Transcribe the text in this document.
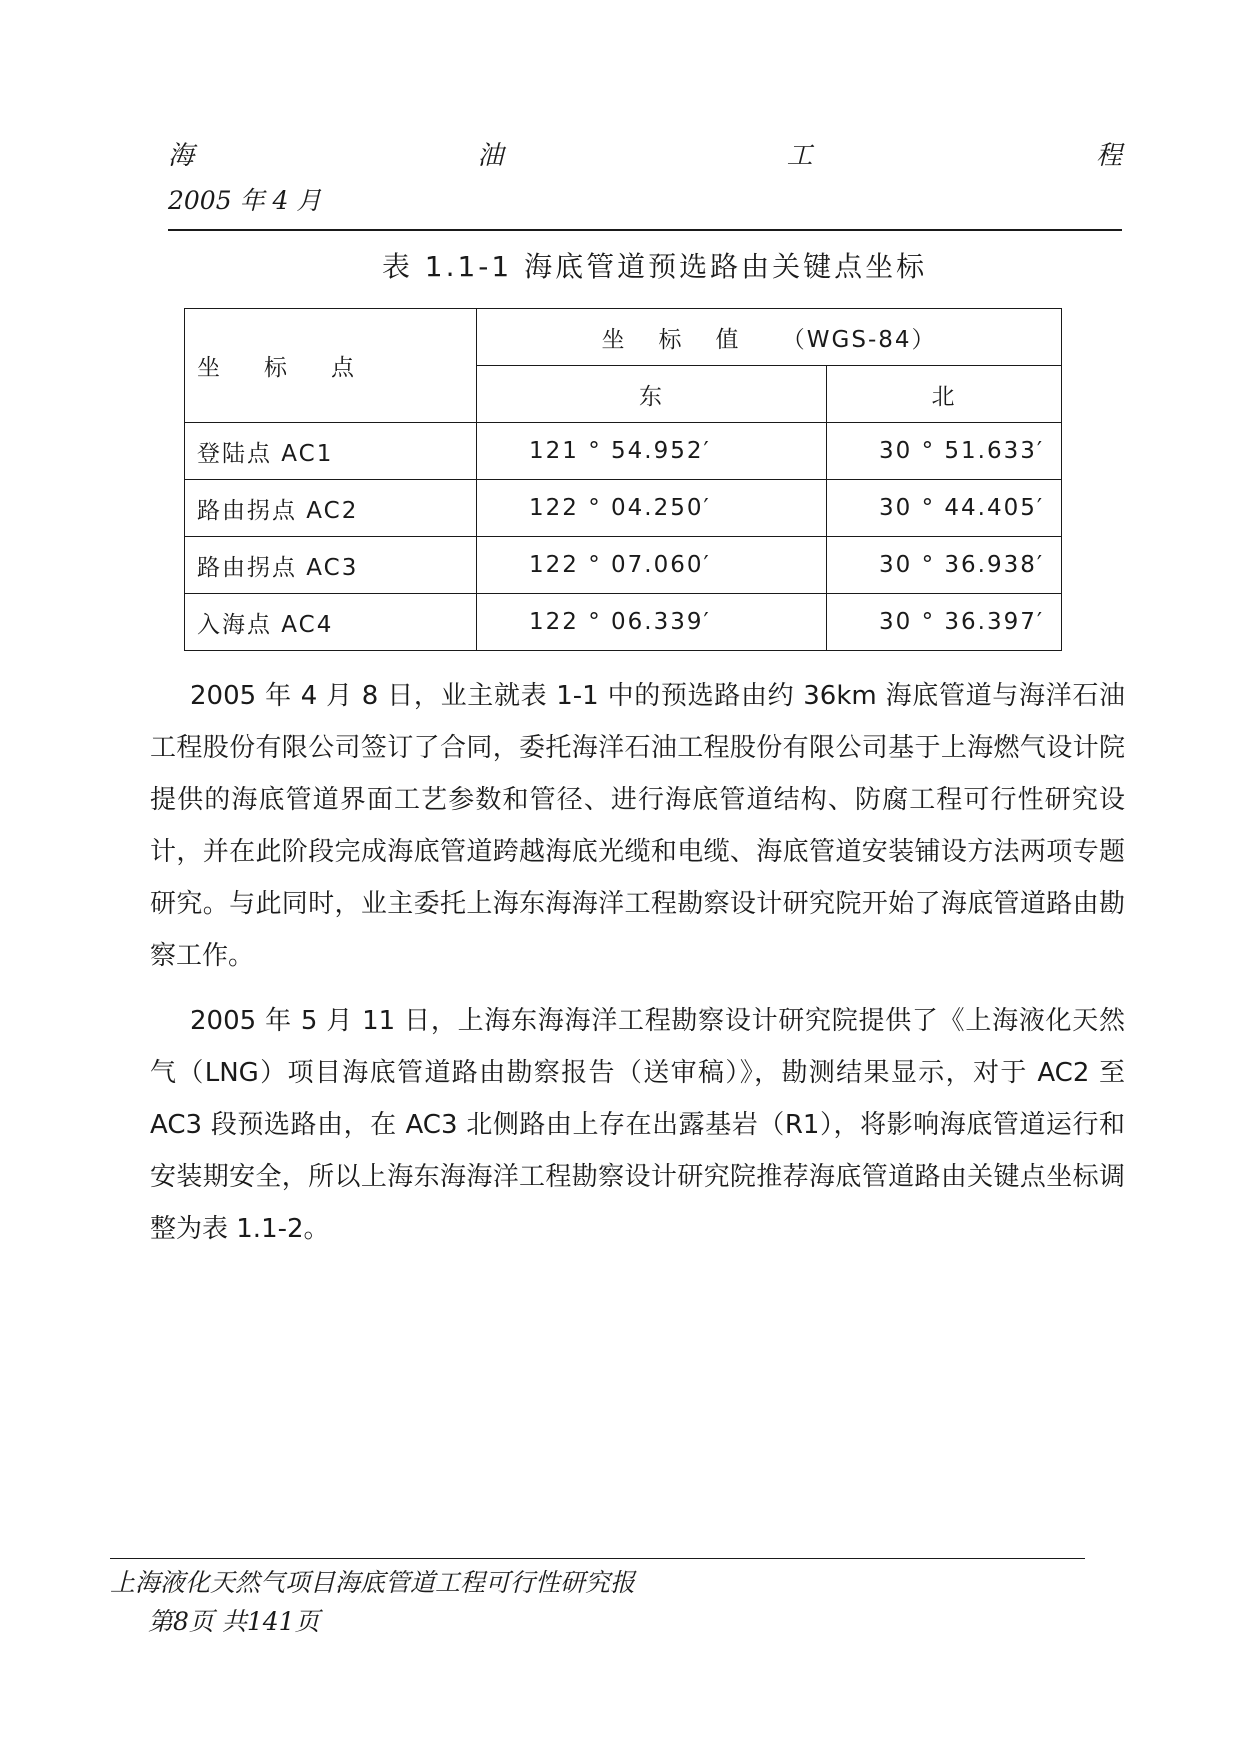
海	油	工	程
2005 年 4 月
表 1.1-1 海底管道预选路由关键点坐标
坐标点	坐标值 （WGS-84）	
	东	北
登陆点 AC1	121 ° 54.952′	30 ° 51.633′
路由拐点 AC2	122 ° 04.250′	30 ° 44.405′
路由拐点 AC3	122 ° 07.060′	30 ° 36.938′
入海点 AC4	122 ° 06.339′	30 ° 36.397′

2005 年 4 月 8 日，业主就表 1-1 中的预选路由约 36km 海底管道与海洋石油工程股份有限公司签订了合同，委托海洋石油工程股份有限公司基于上海燃气设计院提供的海底管道界面工艺参数和管径、进行海底管道结构、防腐工程可行性研究设计，并在此阶段完成海底管道跨越海底光缆和电缆、海底管道安装铺设方法两项专题研究。与此同时，业主委托上海东海海洋工程勘察设计研究院开始了海底管道路由勘察工作。

2005 年 5 月 11 日，上海东海海洋工程勘察设计研究院提供了《上海液化天然气（LNG）项目海底管道路由勘察报告（送审稿）》，勘测结果显示，对于 AC2 至 AC3 段预选路由，在 AC3 北侧路由上存在出露基岩（R1），将影响海底管道运行和安装期安全，所以上海东海海洋工程勘察设计研究院推荐海底管道路由关键点坐标调整为表 1.1-2。

上海液化天然气项目海底管道工程可行性研究报
第8页 共141页
